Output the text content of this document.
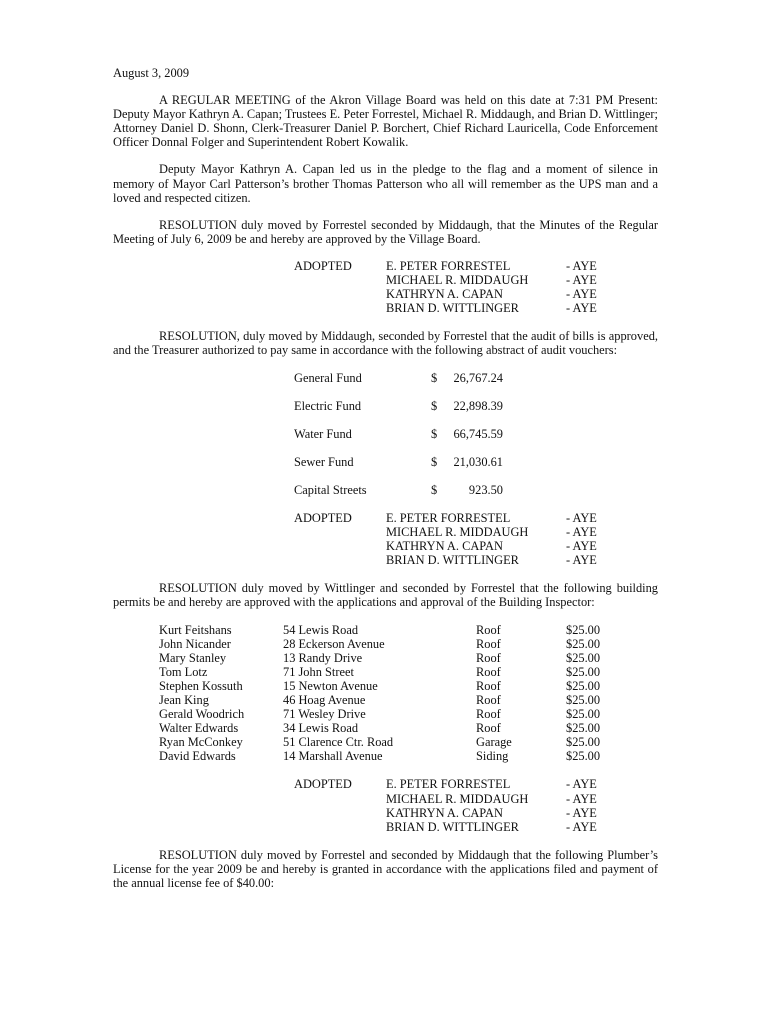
August 3, 2009

A REGULAR MEETING of the Akron Village Board was held on this date at 7:31 PM Present: Deputy Mayor Kathryn A. Capan; Trustees E. Peter Forrestel, Michael R. Middaugh, and Brian D. Wittlinger; Attorney Daniel D. Shonn, Clerk-Treasurer Daniel P. Borchert, Chief Richard Lauricella, Code Enforcement Officer Donnal Folger and Superintendent Robert Kowalik.

Deputy Mayor Kathryn A. Capan led us in the pledge to the flag and a moment of silence in memory of Mayor Carl Patterson’s brother Thomas Patterson who all will remember as the UPS man and a loved and respected citizen.

RESOLUTION duly moved by Forrestel seconded by Middaugh, that the Minutes of the Regular Meeting of July 6, 2009 be and hereby are approved by the Village Board.

ADOPTED	E. PETER FORRESTEL	- AYE
MICHAEL R. MIDDAUGH	- AYE
KATHRYN A. CAPAN	- AYE
BRIAN D. WITTLINGER	- AYE

RESOLUTION, duly moved by Middaugh, seconded by Forrestel that the audit of bills is approved, and the Treasurer authorized to pay same in accordance with the following abstract of audit vouchers:

General Fund	$	26,767.24
Electric Fund	$	22,898.39
Water Fund	$	66,745.59
Sewer Fund	$	21,030.61
Capital Streets	$	923.50
ADOPTED	E. PETER FORRESTEL	- AYE
MICHAEL R. MIDDAUGH	- AYE
KATHRYN A. CAPAN	- AYE
BRIAN D. WITTLINGER	- AYE

RESOLUTION duly moved by Wittlinger and seconded by Forrestel that the following building permits be and hereby are approved with the applications and approval of the Building Inspector:

Kurt Feitshans	54 Lewis Road	Roof	$25.00
John Nicander	28 Eckerson Avenue	Roof	$25.00
Mary Stanley	13 Randy Drive	Roof	$25.00
Tom Lotz	71 John Street	Roof	$25.00
Stephen Kossuth	15 Newton Avenue	Roof	$25.00
Jean King	46 Hoag Avenue	Roof	$25.00
Gerald Woodrich	71 Wesley Drive	Roof	$25.00
Walter Edwards	34 Lewis Road	Roof	$25.00
Ryan McConkey	51 Clarence Ctr. Road	Garage	$25.00
David Edwards	14 Marshall Avenue	Siding	$25.00
ADOPTED	E. PETER FORRESTEL	- AYE
MICHAEL R. MIDDAUGH	- AYE
KATHRYN A. CAPAN	- AYE
BRIAN D. WITTLINGER	- AYE

RESOLUTION duly moved by Forrestel and seconded by Middaugh that the following Plumber’s License for the year 2009 be and hereby is granted in accordance with the applications filed and payment of the annual license fee of $40.00:
